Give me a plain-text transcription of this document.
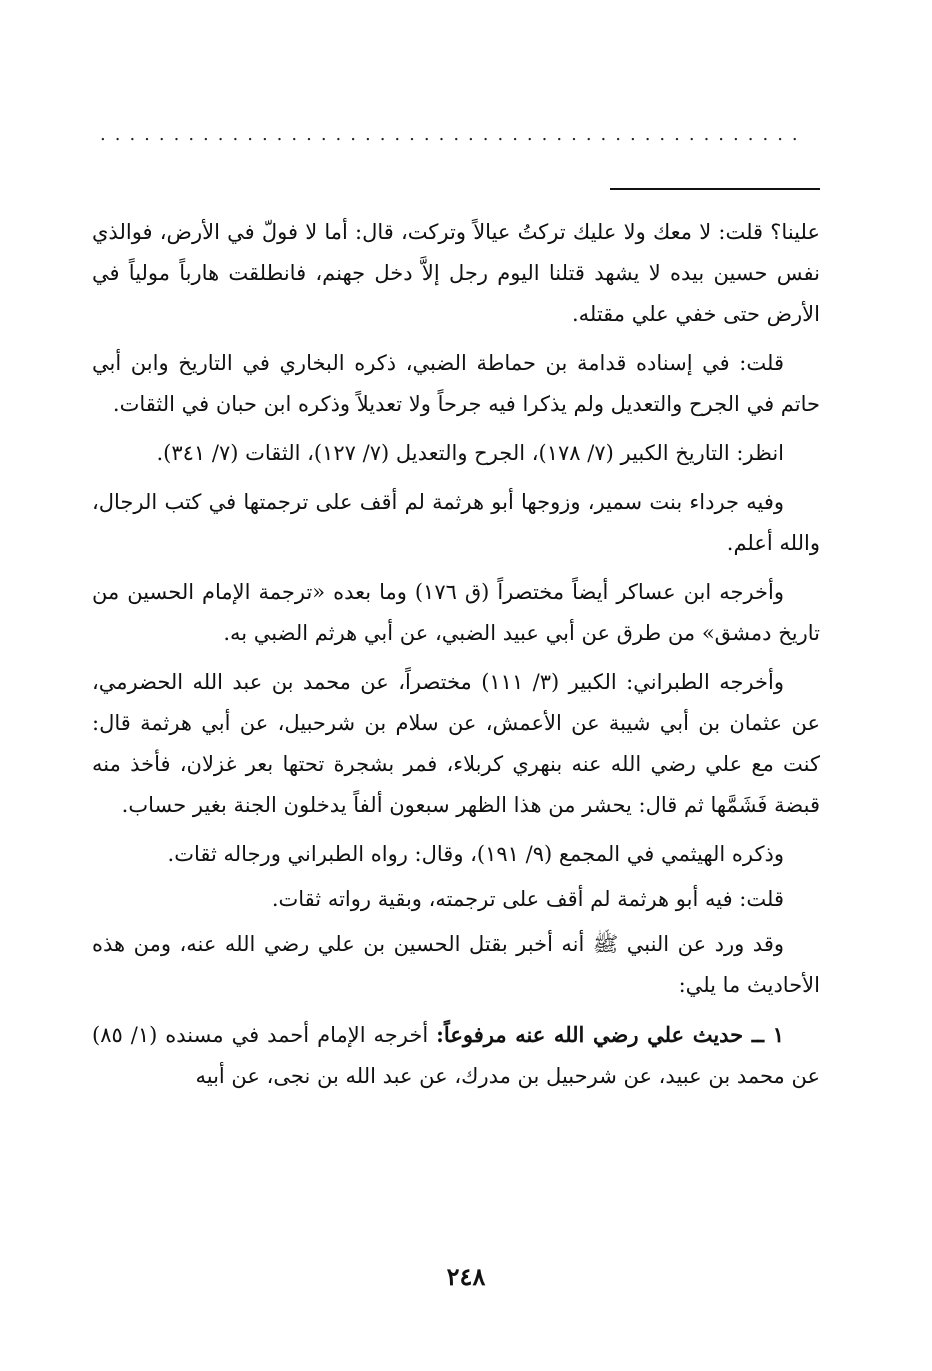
................................................

علينا؟ قلت: لا معك ولا عليك تركتُ عيالاً وتركت، قال: أما لا فولّ في الأرض، فوالذي نفس حسين بيده لا يشهد قتلنا اليوم رجل إلاَّ دخل جهنم، فانطلقت هارباً مولياً في الأرض حتى خفي علي مقتله.

قلت: في إسناده قدامة بن حماطة الضبي، ذكره البخاري في التاريخ وابن أبي حاتم في الجرح والتعديل ولم يذكرا فيه جرحاً ولا تعديلاً وذكره ابن حبان في الثقات.

انظر: التاريخ الكبير (٧/ ١٧٨)، الجرح والتعديل (٧/ ١٢٧)، الثقات (٧/ ٣٤١).

وفيه جرداء بنت سمير، وزوجها أبو هرثمة لم أقف على ترجمتها في كتب الرجال، والله أعلم.

وأخرجه ابن عساكر أيضاً مختصراً (ق ١٧٦) وما بعده «ترجمة الإمام الحسين من تاريخ دمشق» من طرق عن أبي عبيد الضبي، عن أبي هرثم الضبي به.

وأخرجه الطبراني: الكبير (٣/ ١١١) مختصراً، عن محمد بن عبد الله الحضرمي، عن عثمان بن أبي شيبة عن الأعمش، عن سلام بن شرحبيل، عن أبي هرثمة قال: كنت مع علي رضي الله عنه بنهري كربلاء، فمر بشجرة تحتها بعر غزلان، فأخذ منه قبضة فَشَمَّها ثم قال: يحشر من هذا الظهر سبعون ألفاً يدخلون الجنة بغير حساب.

وذكره الهيثمي في المجمع (٩/ ١٩١)، وقال: رواه الطبراني ورجاله ثقات.

قلت: فيه أبو هرثمة لم أقف على ترجمته، وبقية رواته ثقات.

وقد ورد عن النبي ﷺ أنه أخبر بقتل الحسين بن علي رضي الله عنه، ومن هذه الأحاديث ما يلي:

١ ــ حديث علي رضي الله عنه مرفوعاً: أخرجه الإمام أحمد في مسنده (١/ ٨٥) عن محمد بن عبيد، عن شرحبيل بن مدرك، عن عبد الله بن نجى، عن أبيه

٢٤٨
